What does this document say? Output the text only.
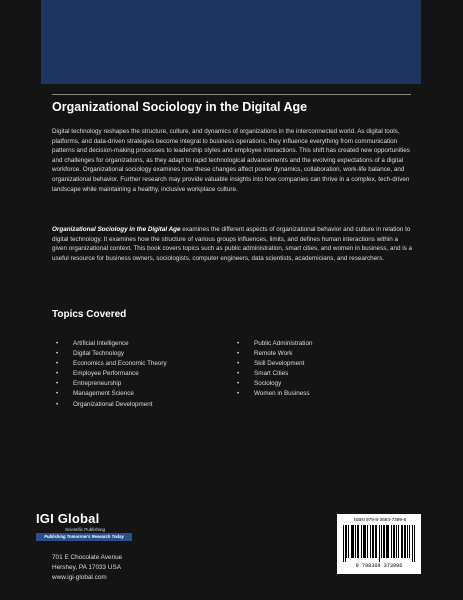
Organizational Sociology in the Digital Age

Digital technology reshapes the structure, culture, and dynamics of organizations in the interconnected world. As digital tools, platforms, and data-driven strategies become integral to business operations, they influence everything from communication patterns and decision-making processes to leadership styles and employee interactions. This shift has created new opportunities and challenges for organizations, as they adapt to rapid technological advancements and the evolving expectations of a digital workforce. Organizational sociology examines how these changes affect power dynamics, collaboration, work-life balance, and organizational behavior. Further research may provide valuable insights into how companies can thrive in a complex, tech-driven landscape while maintaining a healthy, inclusive workplace culture.

Organizational Sociology in the Digital Age examines the different aspects of organizational behavior and culture in relation to digital technology. It examines how the structure of various groups influences, limits, and defines human interactions within a given organizational context. This book covers topics such as public administration, smart cities, and women in business, and is a useful resource for business owners, sociologists, computer engineers, data scientists, academicians, and researchers.

Topics Covered
• Artificial Intelligence
• Digital Technology
• Economics and Economic Theory
• Employee Performance
• Entrepreneurship
• Management Science
• Organizational Development
• Public Administration
• Remote Work
• Skill Development
• Smart Cities
• Sociology
• Women in Business
IGI Global
Scientific Publishing
Publishing Tomorrow's Research Today
701 E Chocolate Avenue
Hershey, PA 17033 USA
www.igi-global.com
ISBN 979-8-3693-7399-6
9 798369 373996
